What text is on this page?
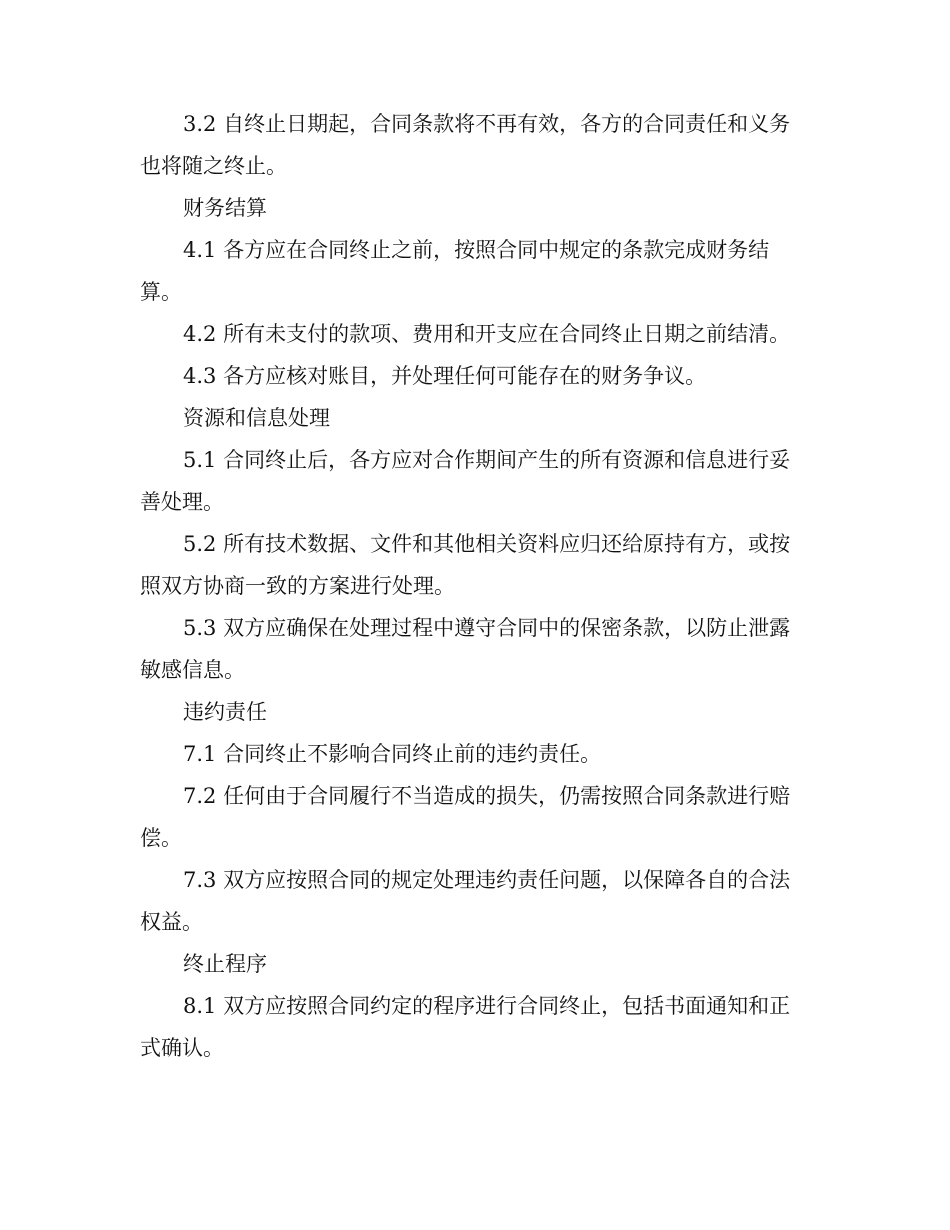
3.2 自终止日期起，合同条款将不再有效，各方的合同责任和义务也将随之终止。

财务结算

4.1 各方应在合同终止之前，按照合同中规定的条款完成财务结算。

4.2 所有未支付的款项、费用和开支应在合同终止日期之前结清。

4.3 各方应核对账目，并处理任何可能存在的财务争议。

资源和信息处理

5.1 合同终止后，各方应对合作期间产生的所有资源和信息进行妥善处理。

5.2 所有技术数据、文件和其他相关资料应归还给原持有方，或按照双方协商一致的方案进行处理。

5.3 双方应确保在处理过程中遵守合同中的保密条款，以防止泄露敏感信息。

违约责任

7.1 合同终止不影响合同终止前的违约责任。

7.2 任何由于合同履行不当造成的损失，仍需按照合同条款进行赔偿。

7.3 双方应按照合同的规定处理违约责任问题，以保障各自的合法权益。

终止程序

8.1 双方应按照合同约定的程序进行合同终止，包括书面通知和正式确认。
